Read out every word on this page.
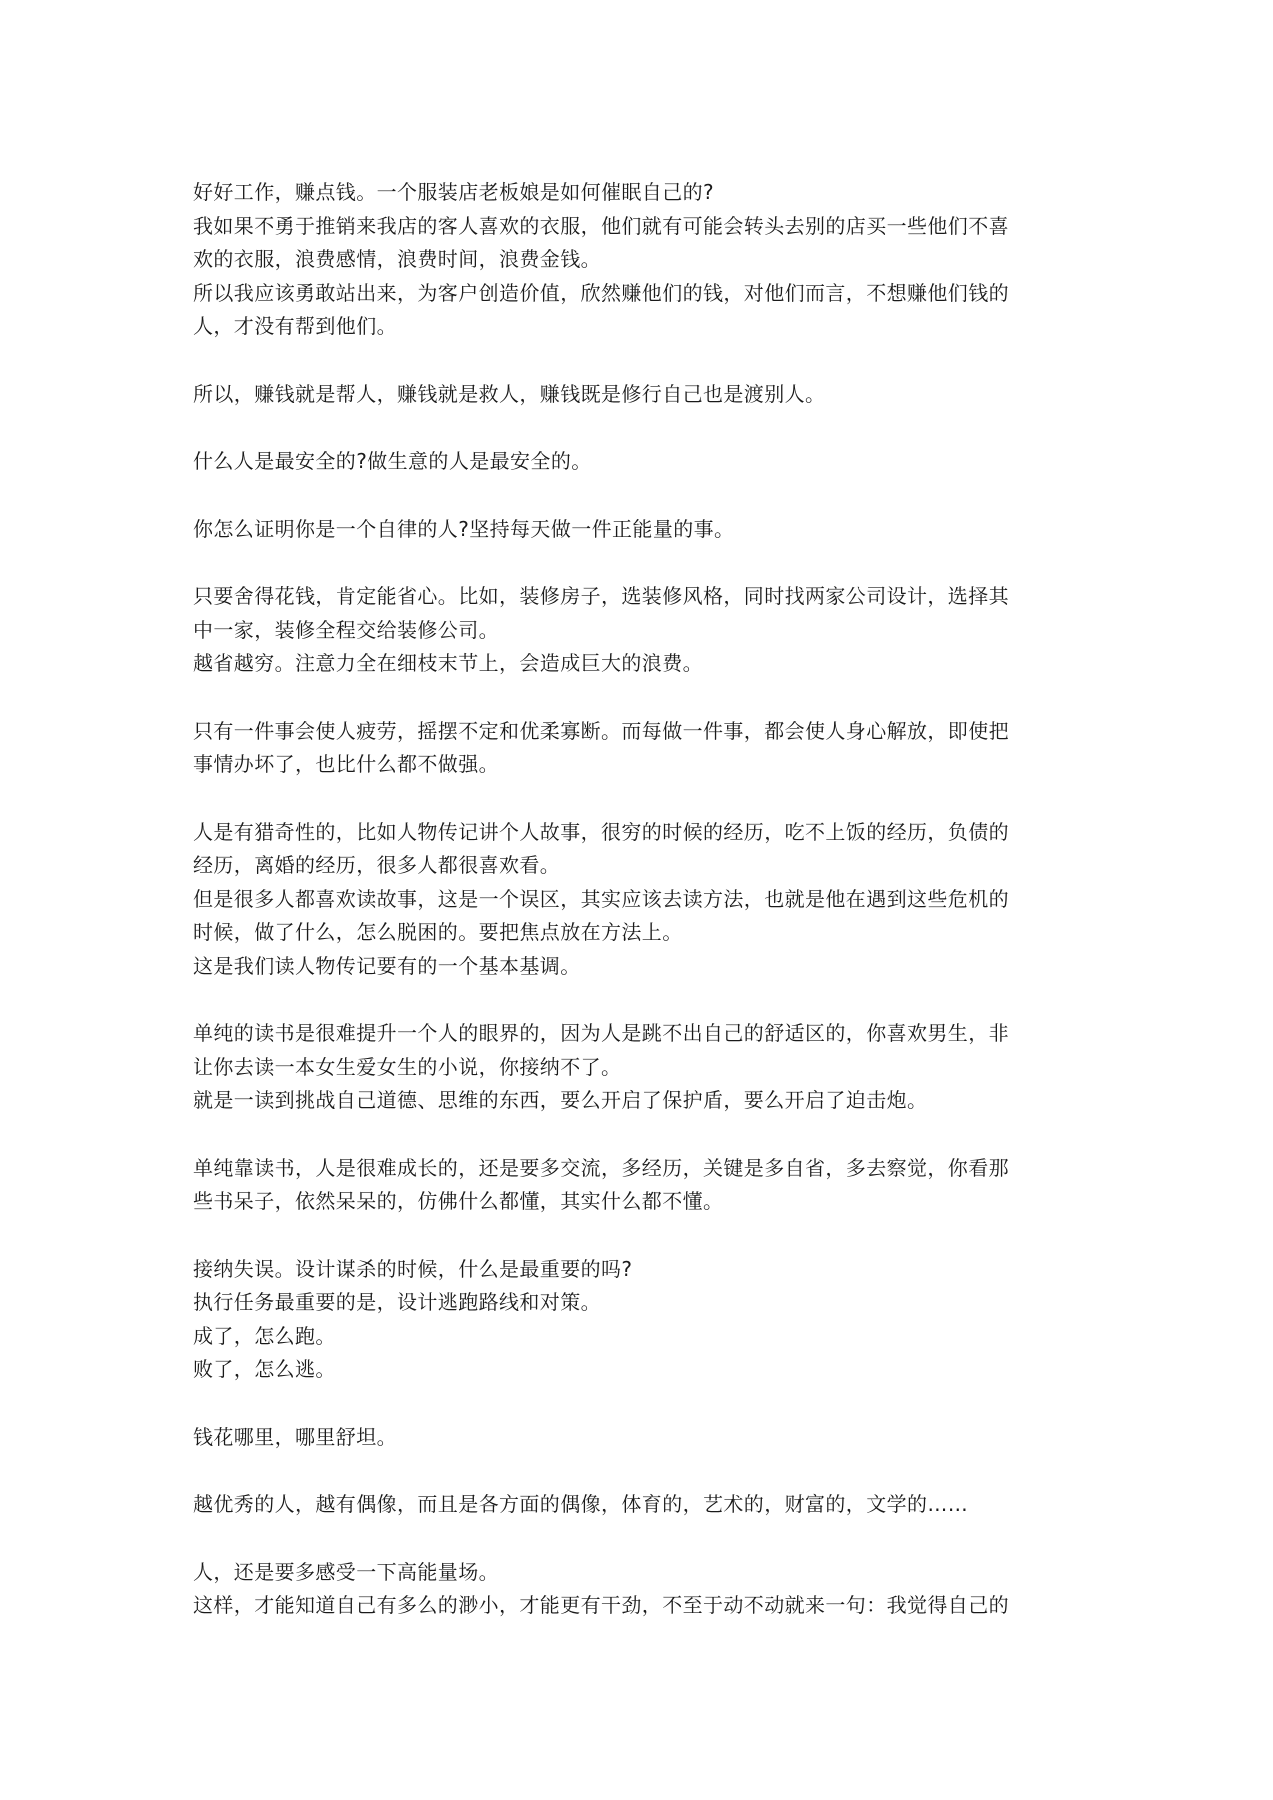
好好工作，赚点钱。一个服装店老板娘是如何催眠自己的?
我如果不勇于推销来我店的客人喜欢的衣服，他们就有可能会转头去别的店买一些他们不喜
欢的衣服，浪费感情，浪费时间，浪费金钱。
所以我应该勇敢站出来，为客户创造价值，欣然赚他们的钱，对他们而言，不想赚他们钱的
人，才没有帮到他们。
所以，赚钱就是帮人，赚钱就是救人，赚钱既是修行自己也是渡别人。
什么人是最安全的?做生意的人是最安全的。
你怎么证明你是一个自律的人?坚持每天做一件正能量的事。
只要舍得花钱，肯定能省心。比如，装修房子，选装修风格，同时找两家公司设计，选择其
中一家，装修全程交给装修公司。
越省越穷。注意力全在细枝末节上，会造成巨大的浪费。
只有一件事会使人疲劳，摇摆不定和优柔寡断。而每做一件事，都会使人身心解放，即使把
事情办坏了，也比什么都不做强。
人是有猎奇性的，比如人物传记讲个人故事，很穷的时候的经历，吃不上饭的经历，负债的
经历，离婚的经历，很多人都很喜欢看。
但是很多人都喜欢读故事，这是一个误区，其实应该去读方法，也就是他在遇到这些危机的
时候，做了什么，怎么脱困的。要把焦点放在方法上。
这是我们读人物传记要有的一个基本基调。
单纯的读书是很难提升一个人的眼界的，因为人是跳不出自己的舒适区的，你喜欢男生，非
让你去读一本女生爱女生的小说，你接纳不了。
就是一读到挑战自己道德、思维的东西，要么开启了保护盾，要么开启了迫击炮。
单纯靠读书，人是很难成长的，还是要多交流，多经历，关键是多自省，多去察觉，你看那
些书呆子，依然呆呆的，仿佛什么都懂，其实什么都不懂。
接纳失误。设计谋杀的时候，什么是最重要的吗?
执行任务最重要的是，设计逃跑路线和对策。
成了，怎么跑。
败了，怎么逃。
钱花哪里，哪里舒坦。
越优秀的人，越有偶像，而且是各方面的偶像，体育的，艺术的，财富的，文学的……
人，还是要多感受一下高能量场。
这样，才能知道自己有多么的渺小，才能更有干劲，不至于动不动就来一句：我觉得自己的
